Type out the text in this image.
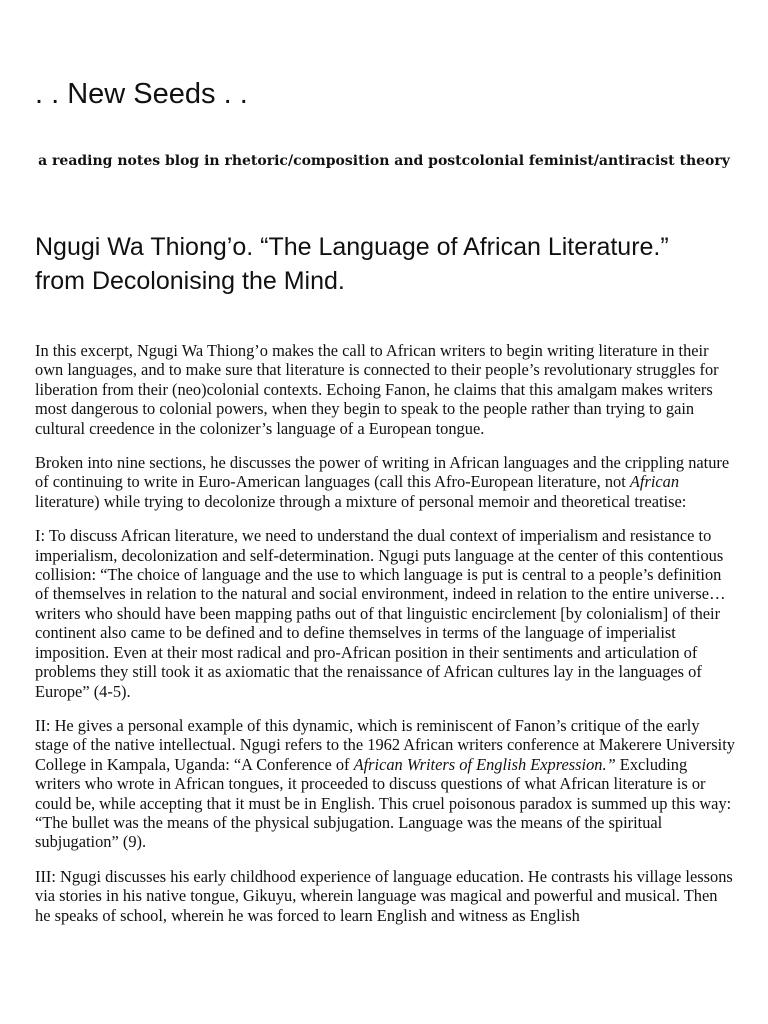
. . New Seeds . .

a reading notes blog in rhetoric/composition and postcolonial feminist/antiracist theory

Ngugi Wa Thiong’o. “The Language of African Literature.”
from Decolonising the Mind.

In this excerpt, Ngugi Wa Thiong’o makes the call to African writers to begin writing literature in their own languages, and to make sure that literature is connected to their people’s revolutionary struggles for liberation from their (neo)colonial contexts. Echoing Fanon, he claims that this amalgam makes writers most dangerous to colonial powers, when they begin to speak to the people rather than trying to gain cultural creedence in the colonizer’s language of a European tongue.

Broken into nine sections, he discusses the power of writing in African languages and the crippling nature of continuing to write in Euro-American languages (call this Afro-European literature, not African literature) while trying to decolonize through a mixture of personal memoir and theoretical treatise:

I: To discuss African literature, we need to understand the dual context of imperialism and resistance to imperialism, decolonization and self-determination. Ngugi puts language at the center of this contentious collision: “The choice of language and the use to which language is put is central to a people’s definition of themselves in relation to the natural and social environment, indeed in relation to the entire universe…writers who should have been mapping paths out of that linguistic encirclement [by colonialism] of their continent also came to be defined and to define themselves in terms of the language of imperialist imposition. Even at their most radical and pro-African position in their sentiments and articulation of problems they still took it as axiomatic that the renaissance of African cultures lay in the languages of Europe” (4-5).

II: He gives a personal example of this dynamic, which is reminiscent of Fanon’s critique of the early stage of the native intellectual. Ngugi refers to the 1962 African writers conference at Makerere University College in Kampala, Uganda: “A Conference of African Writers of English Expression.” Excluding writers who wrote in African tongues, it proceeded to discuss questions of what African literature is or could be, while accepting that it must be in English. This cruel poisonous paradox is summed up this way: “The bullet was the means of the physical subjugation. Language was the means of the spiritual subjugation” (9).

III: Ngugi discusses his early childhood experience of language education. He contrasts his village lessons via stories in his native tongue, Gikuyu, wherein language was magical and powerful and musical. Then he speaks of school, wherein he was forced to learn English and witness as English
